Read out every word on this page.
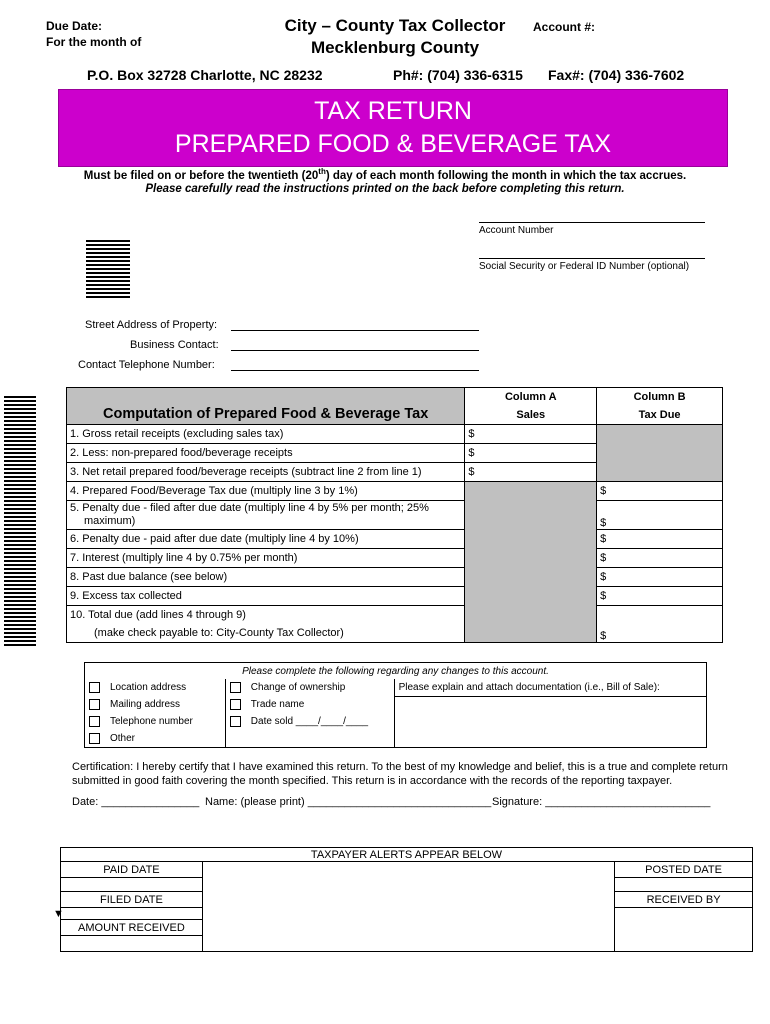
Due Date:
For the month of
City – County Tax Collector
Mecklenburg County
Account #:
P.O. Box 32728 Charlotte, NC 28232	Ph#: (704) 336-6315 Fax#: (704) 336-7602
TAX RETURN
PREPARED FOOD & BEVERAGE TAX
Must be filed on or before the twentieth (20th) day of each month following the month in which the tax accrues.
Please carefully read the instructions printed on the back before completing this return.
Account Number
Social Security or Federal ID Number (optional)
Street Address of Property:
Business Contact:
Contact Telephone Number:
Computation of Prepared Food & Beverage Tax	Column A	Column B
	Sales	Tax Due
1. Gross retail receipts (excluding sales tax)	$	
2. Less: non-prepared food/beverage receipts	$	
3. Net retail prepared food/beverage receipts (subtract line 2 from line 1)	$	
4. Prepared Food/Beverage Tax due (multiply line 3 by 1%)		$
5. Penalty due - filed after due date (multiply line 4 by 5% per month; 25%
maximum)		$
6. Penalty due - paid after due date (multiply line 4 by 10%)		$
7. Interest (multiply line 4 by 0.75% per month)		$
8. Past due balance (see below)		$
9. Excess tax collected		$
10. Total due (add lines 4 through 9)		$
(make check payable to: City-County Tax Collector)		
Please complete the following regarding any changes to this account.		
Location address	Change of ownership	Please explain and attach documentation (i.e., Bill of Sale):
Mailing address	Trade name	
Telephone number	Date sold ____/____/____	
Other		
Certification: I hereby certify that I have examined this return. To the best of my knowledge and belief, this is a true and complete return submitted in good faith covering the month specified. This return is in accordance with the records of the reporting taxpayer.
Date: ________________ Name: (please print) ______________________________ Signature: ___________________________
▼
TAXPAYER ALERTS APPEAR BELOW		
PAID DATE		POSTED DATE

FILED DATE		RECEIVED BY

AMOUNT RECEIVED		
